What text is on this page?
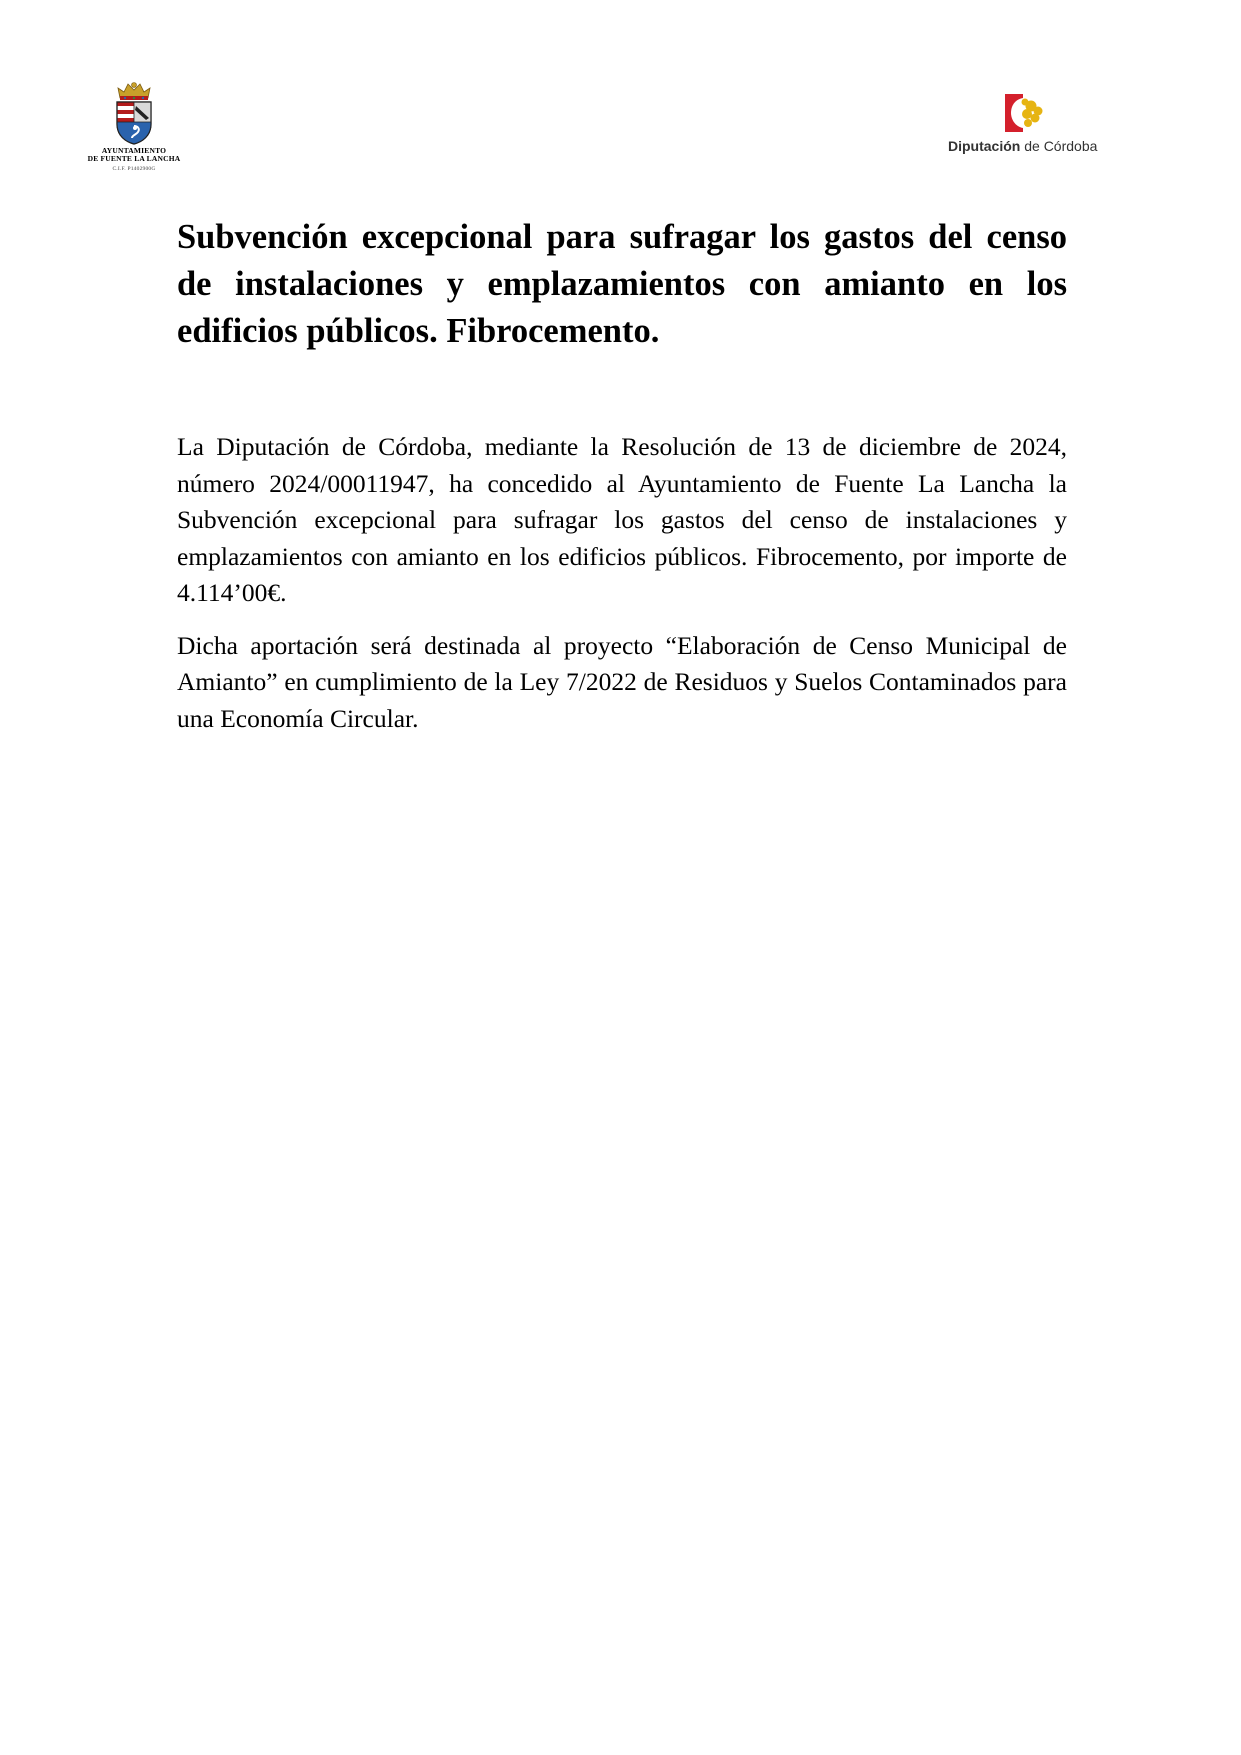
AYUNTAMIENTO
DE FUENTE LA LANCHA
C.I.F. P1402900G
Diputación de Córdoba
Subvención excepcional para sufragar los gastos del censo de instalaciones y emplazamientos con amianto en los edificios públicos. Fibrocemento.

La Diputación de Córdoba, mediante la Resolución de 13 de diciembre de 2024, número 2024/00011947, ha concedido al Ayuntamiento de Fuente La Lancha la Subvención excepcional para sufragar los gastos del censo de instalaciones y emplazamientos con amianto en los edificios públicos. Fibrocemento, por importe de 4.114’00€.

Dicha aportación será destinada al proyecto “Elaboración de Censo Municipal de Amianto” en cumplimiento de la Ley 7/2022 de Residuos y Suelos Contaminados para una Economía Circular.
